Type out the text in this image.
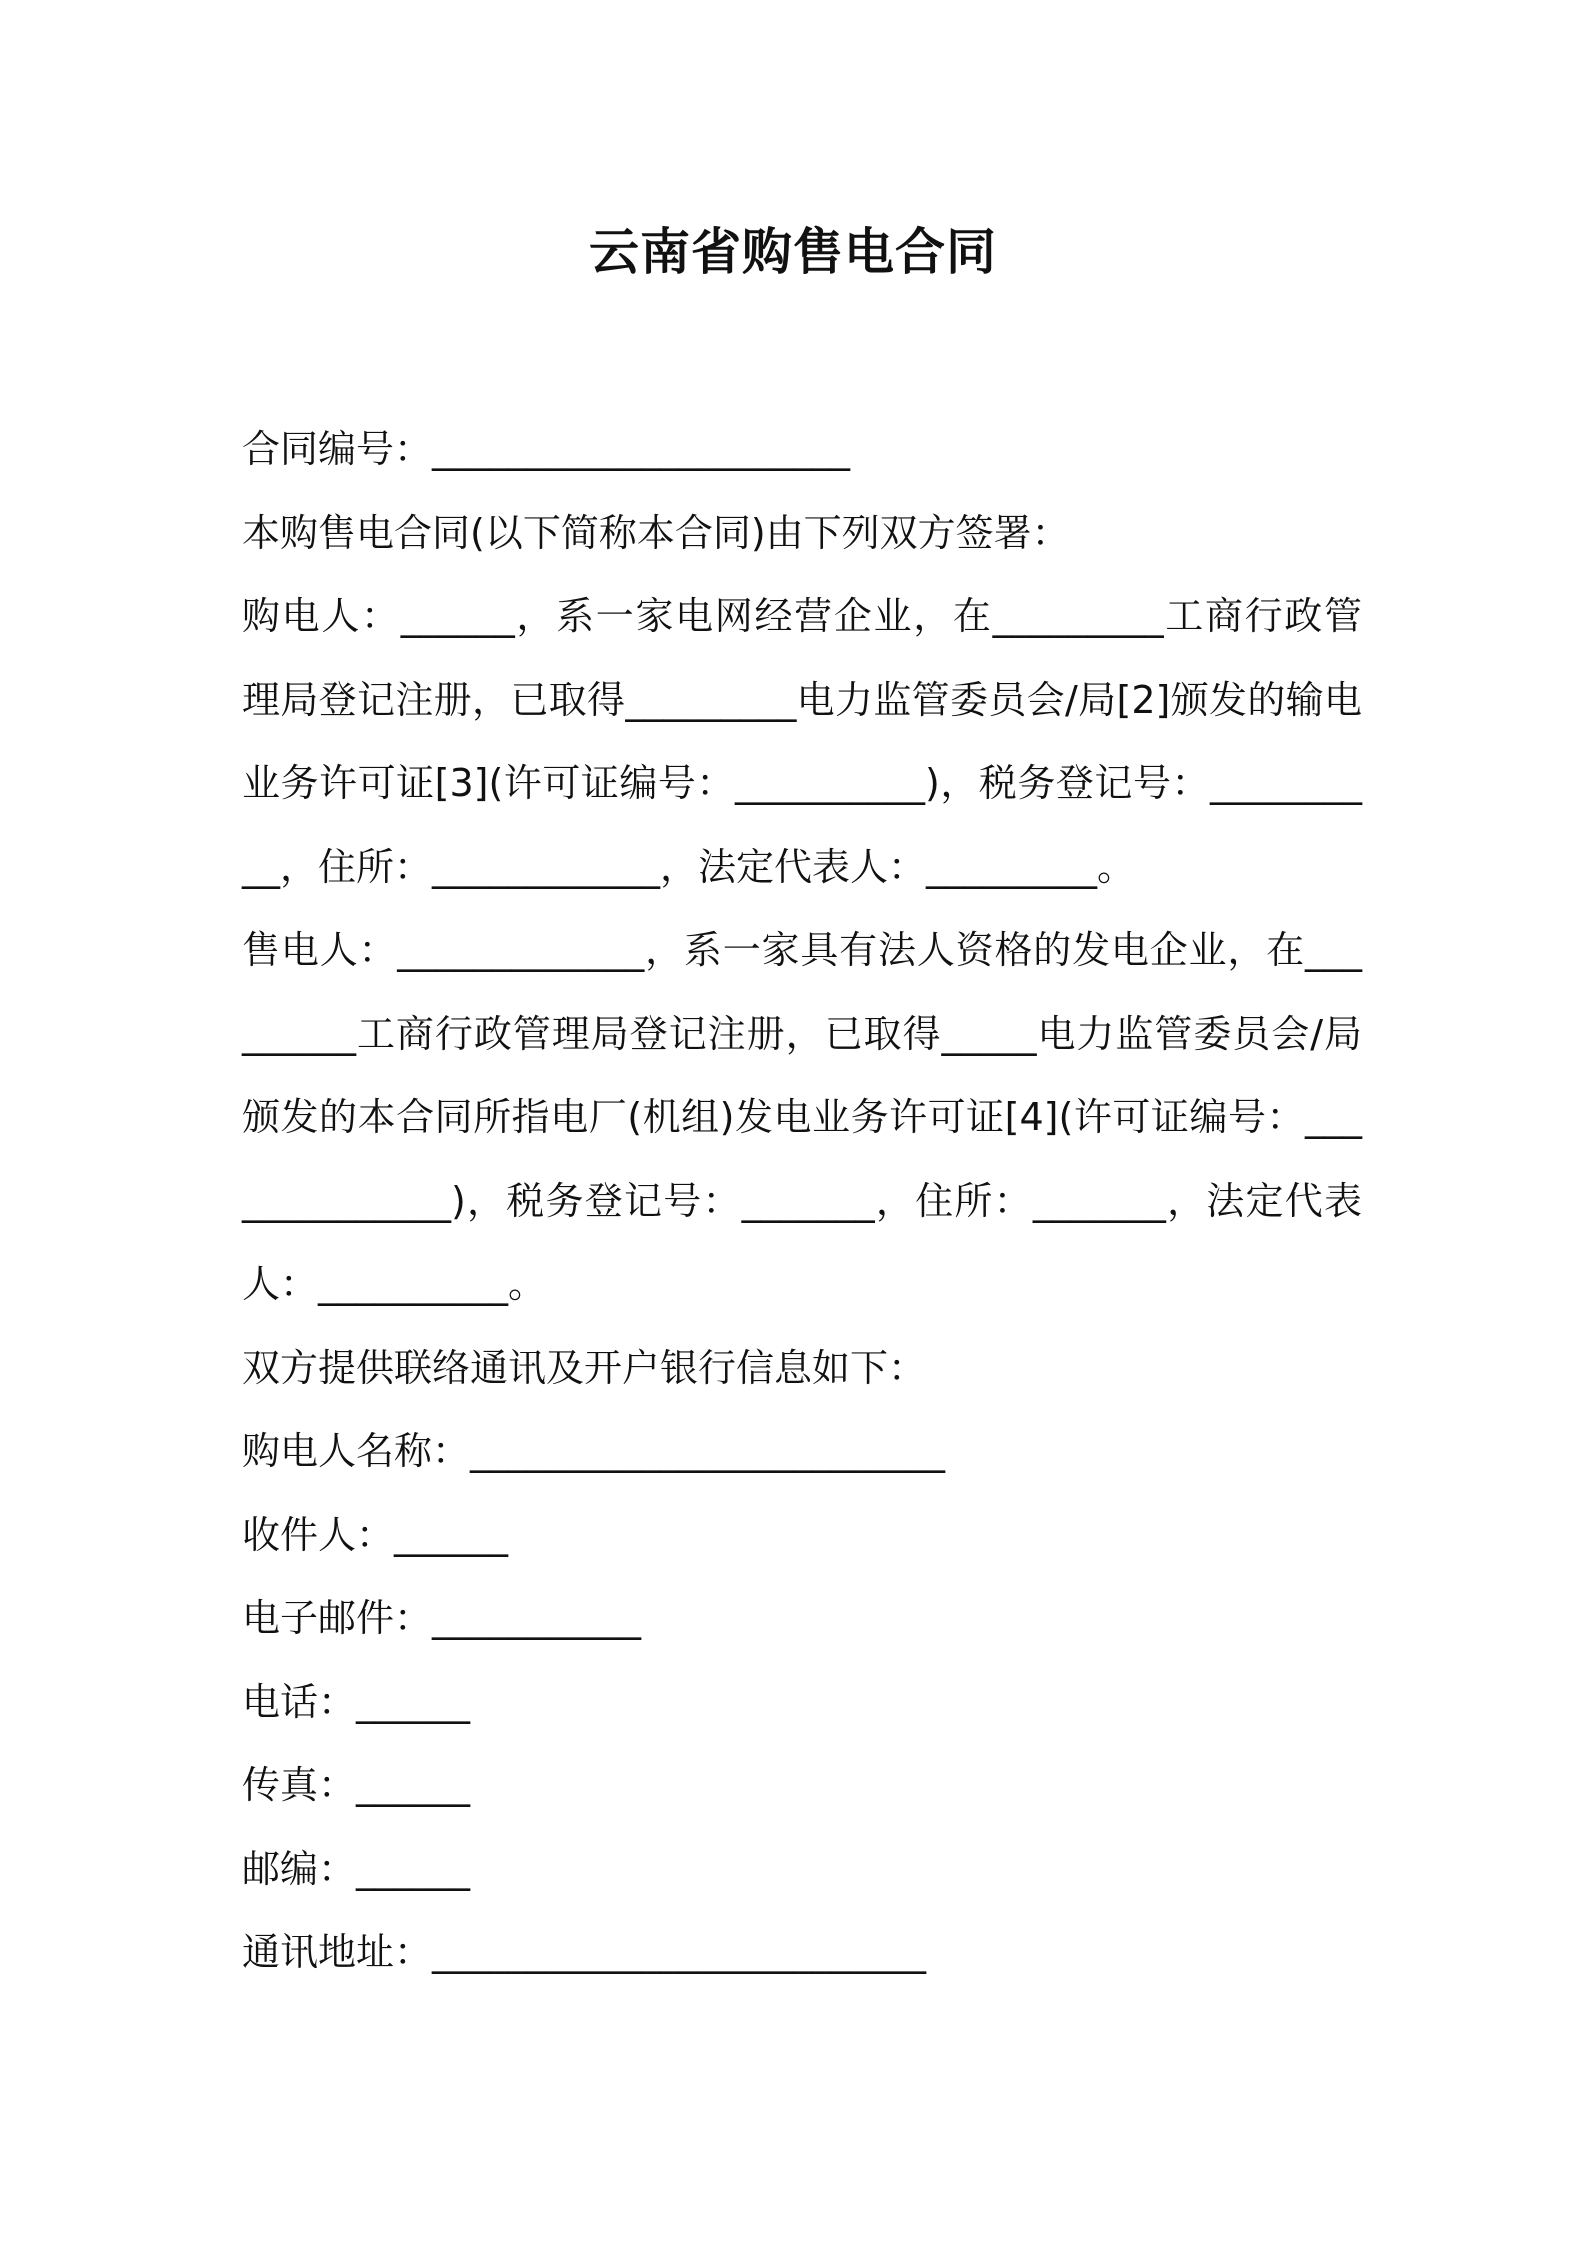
云南省购售电合同
合同编号：______________________
本购售电合同(以下简称本合同)由下列双方签署：
购电人：______，系一家电网经营企业，在_________工商行政管理局登记注册，已取得_________电力监管委员会/局[2]颁发的输电业务许可证[3](许可证编号：__________)，税务登记号：__________，住所：____________，法定代表人：_________。
售电人：_____________，系一家具有法人资格的发电企业，在_________工商行政管理局登记注册，已取得_____电力监管委员会/局颁发的本合同所指电厂(机组)发电业务许可证[4](许可证编号：______________)，税务登记号：_______，住所：_______，法定代表人：__________。
双方提供联络通讯及开户银行信息如下：
购电人名称：_________________________
收件人：______
电子邮件：___________
电话：______
传真：______
邮编：______
通讯地址：__________________________
